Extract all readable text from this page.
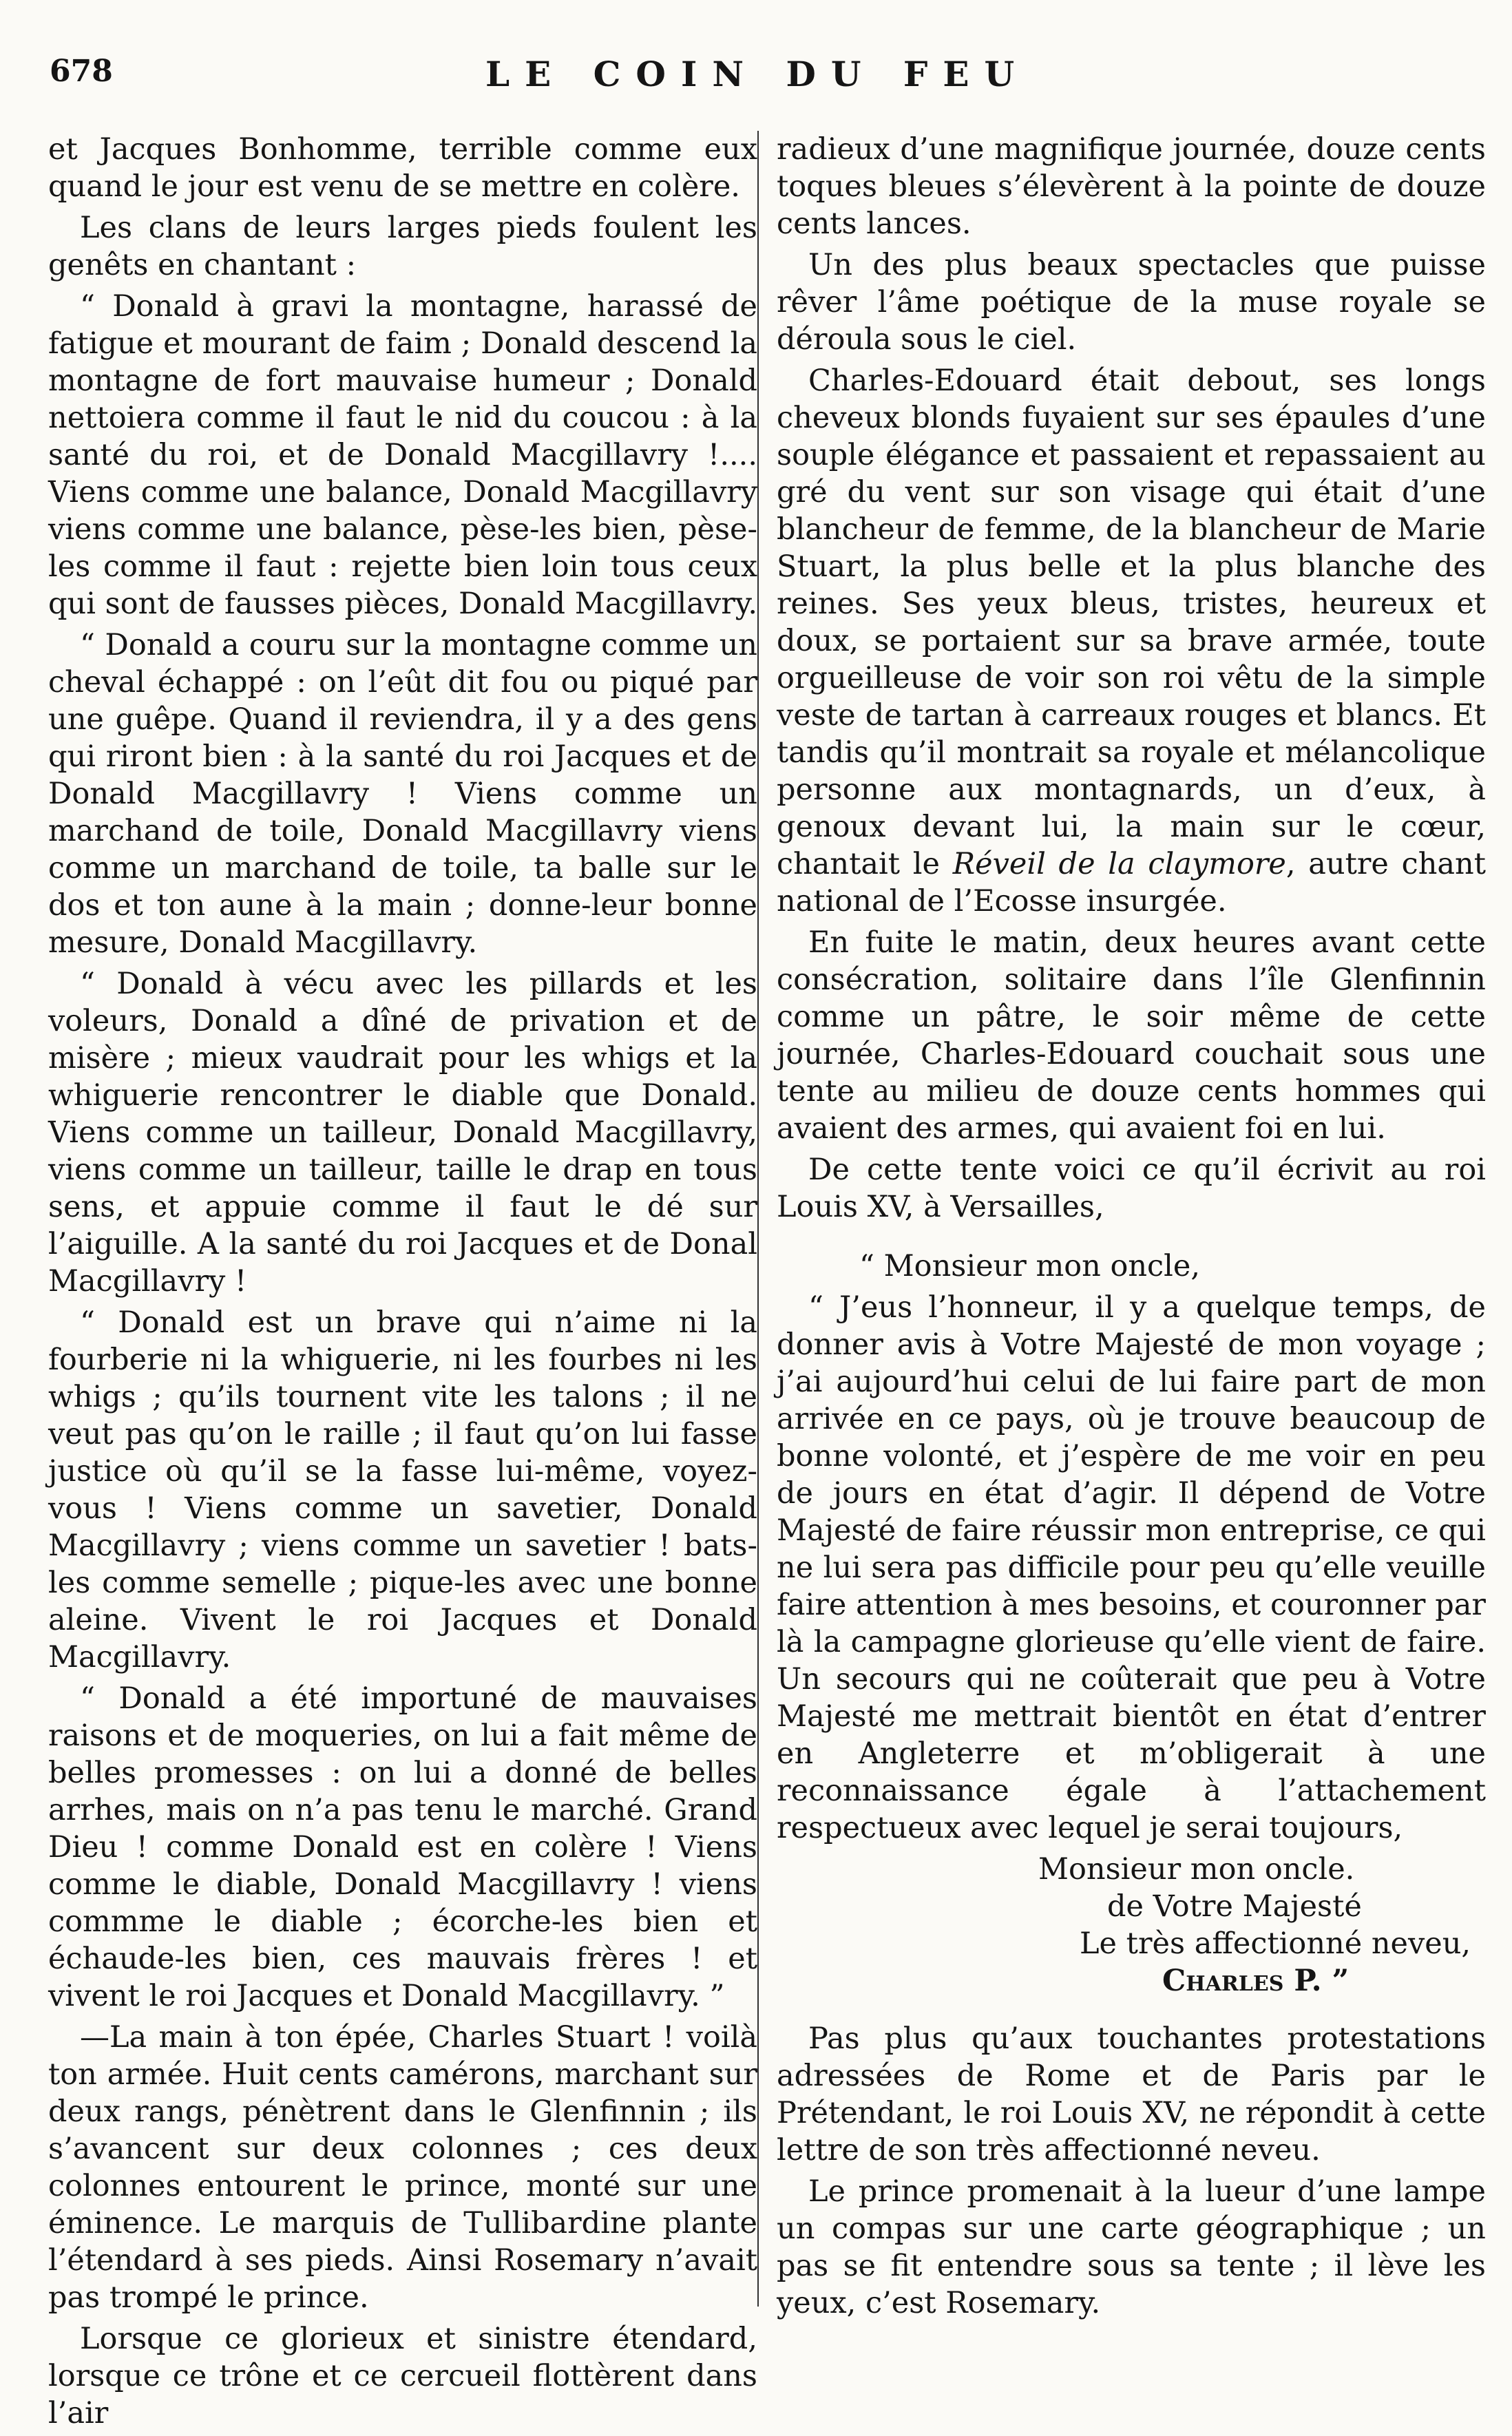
678	LE COIN DU FEU

et Jacques Bonhomme, terrible comme eux quand le jour est venu de se mettre en colère.

Les clans de leurs larges pieds foulent les genêts en chantant :

“ Donald à gravi la montagne, harassé de fatigue et mourant de faim ; Donald descend la montagne de fort mauvaise humeur ; Donald nettoiera comme il faut le nid du coucou : à la santé du roi, et de Donald Macgillavry !.... Viens comme une balance, Donald Macgillavry viens comme une balance, pèse-les bien, pèse-les comme il faut : rejette bien loin tous ceux qui sont de fausses pièces, Donald Macgillavry.

“ Donald a couru sur la montagne comme un cheval échappé : on l’eût dit fou ou piqué par une guêpe. Quand il reviendra, il y a des gens qui riront bien : à la santé du roi Jacques et de Donald Macgillavry ! Viens comme un marchand de toile, Donald Macgillavry viens comme un marchand de toile, ta balle sur le dos et ton aune à la main ; donne-leur bonne mesure, Donald Macgillavry.

“ Donald à vécu avec les pillards et les voleurs, Donald a dîné de privation et de misère ; mieux vaudrait pour les whigs et la whiguerie rencontrer le diable que Donald. Viens comme un tailleur, Donald Macgillavry, viens comme un tailleur, taille le drap en tous sens, et appuie comme il faut le dé sur l’aiguille. A la santé du roi Jacques et de Donal Macgillavry !

“ Donald est un brave qui n’aime ni la fourberie ni la whiguerie, ni les fourbes ni les whigs ; qu’ils tournent vite les talons ; il ne veut pas qu’on le raille ; il faut qu’on lui fasse justice où qu’il se la fasse lui-même, voyez-vous ! Viens comme un savetier, Donald Macgillavry ; viens comme un savetier ! bats-les comme semelle ; pique-les avec une bonne aleine. Vivent le roi Jacques et Donald Macgillavry.

“ Donald a été importuné de mauvaises raisons et de moqueries, on lui a fait même de belles promesses : on lui a donné de belles arrhes, mais on n’a pas tenu le marché. Grand Dieu ! comme Donald est en colère ! Viens comme le diable, Donald Macgillavry ! viens commme le diable ; écorche-les bien et échaude-les bien, ces mauvais frères ! et vivent le roi Jacques et Donald Macgillavry. ”

—La main à ton épée, Charles Stuart ! voilà ton armée. Huit cents camérons, marchant sur deux rangs, pénètrent dans le Glenfinnin ; ils s’avancent sur deux colonnes ; ces deux colonnes entourent le prince, monté sur une éminence. Le marquis de Tullibardine plante l’étendard à ses pieds. Ainsi Rosemary n’avait pas trompé le prince.

Lorsque ce glorieux et sinistre étendard, lorsque ce trône et ce cercueil flottèrent dans l’air

radieux d’une magnifique journée, douze cents toques bleues s’élevèrent à la pointe de douze cents lances.

Un des plus beaux spectacles que puisse rêver l’âme poétique de la muse royale se déroula sous le ciel.

Charles-Edouard était debout, ses longs cheveux blonds fuyaient sur ses épaules d’une souple élégance et passaient et repassaient au gré du vent sur son visage qui était d’une blancheur de femme, de la blancheur de Marie Stuart, la plus belle et la plus blanche des reines. Ses yeux bleus, tristes, heureux et doux, se portaient sur sa brave armée, toute orgueilleuse de voir son roi vêtu de la simple veste de tartan à carreaux rouges et blancs. Et tandis qu’il montrait sa royale et mélancolique personne aux montagnards, un d’eux, à genoux devant lui, la main sur le cœur, chantait le Réveil de la claymore, autre chant national de l’Ecosse insurgée.

En fuite le matin, deux heures avant cette consécration, solitaire dans l’île Glenfinnin comme un pâtre, le soir même de cette journée, Charles-Edouard couchait sous une tente au milieu de douze cents hommes qui avaient des armes, qui avaient foi en lui.

De cette tente voici ce qu’il écrivit au roi Louis XV, à Versailles,

“ Monsieur mon oncle,

“ J’eus l’honneur, il y a quelque temps, de donner avis à Votre Majesté de mon voyage ; j’ai aujourd’hui celui de lui faire part de mon arrivée en ce pays, où je trouve beaucoup de bonne volonté, et j’espère de me voir en peu de jours en état d’agir. Il dépend de Votre Majesté de faire réussir mon entreprise, ce qui ne lui sera pas difficile pour peu qu’elle veuille faire attention à mes besoins, et couronner par là la campagne glorieuse qu’elle vient de faire. Un secours qui ne coûterait que peu à Votre Majesté me mettrait bientôt en état d’entrer en Angleterre et m’obligerait à une reconnaissance égale à l’attachement respectueux avec lequel je serai toujours,

Monsieur mon oncle.

de Votre Majesté

Le très affectionné neveu,

Charles P. ”

Pas plus qu’aux touchantes protestations adressées de Rome et de Paris par le Prétendant, le roi Louis XV, ne répondit à cette lettre de son très affectionné neveu.

Le prince promenait à la lueur d’une lampe un compas sur une carte géographique ; un pas se fit entendre sous sa tente ; il lève les yeux, c’est Rosemary.
